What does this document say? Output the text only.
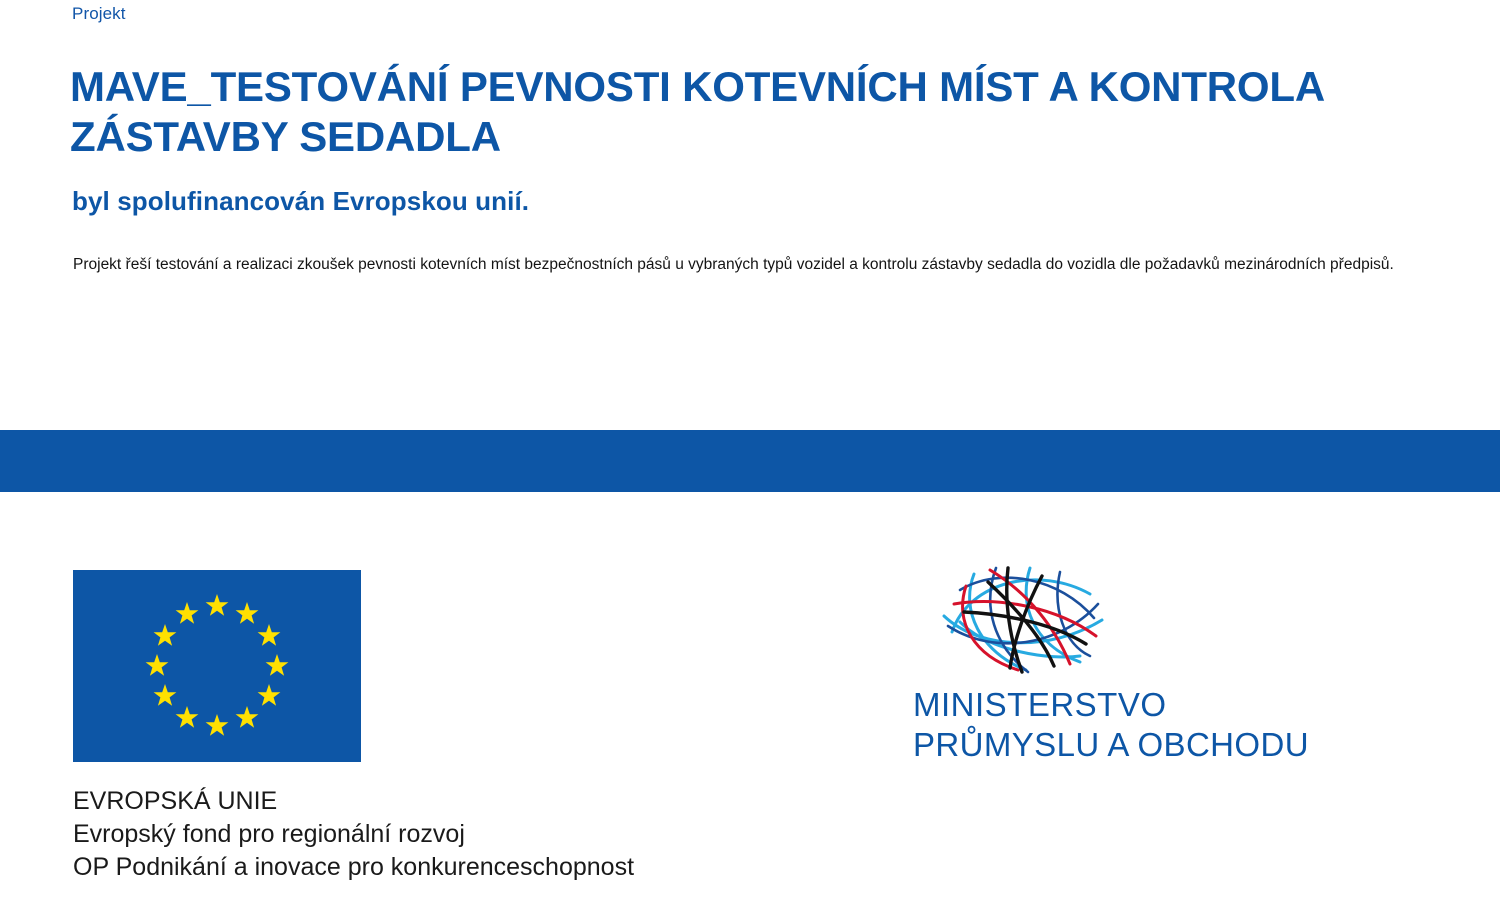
Projekt
MAVE_TESTOVÁNÍ PEVNOSTI KOTEVNÍCH MÍST A KONTROLA ZÁSTAVBY SEDADLA
byl spolufinancován Evropskou unií.

Projekt řeší testování a realizaci zkoušek pevnosti kotevních míst bezpečnostních pásů u vybraných typů vozidel a kontrolu zástavby sedadla do vozidla dle požadavků mezinárodních předpisů.

EVROPSKÁ UNIE
Evropský fond pro regionální rozvoj
OP Podnikání a inovace pro konkurenceschopnost
MINISTERSTVO
PRŮMYSLU A OBCHODU
